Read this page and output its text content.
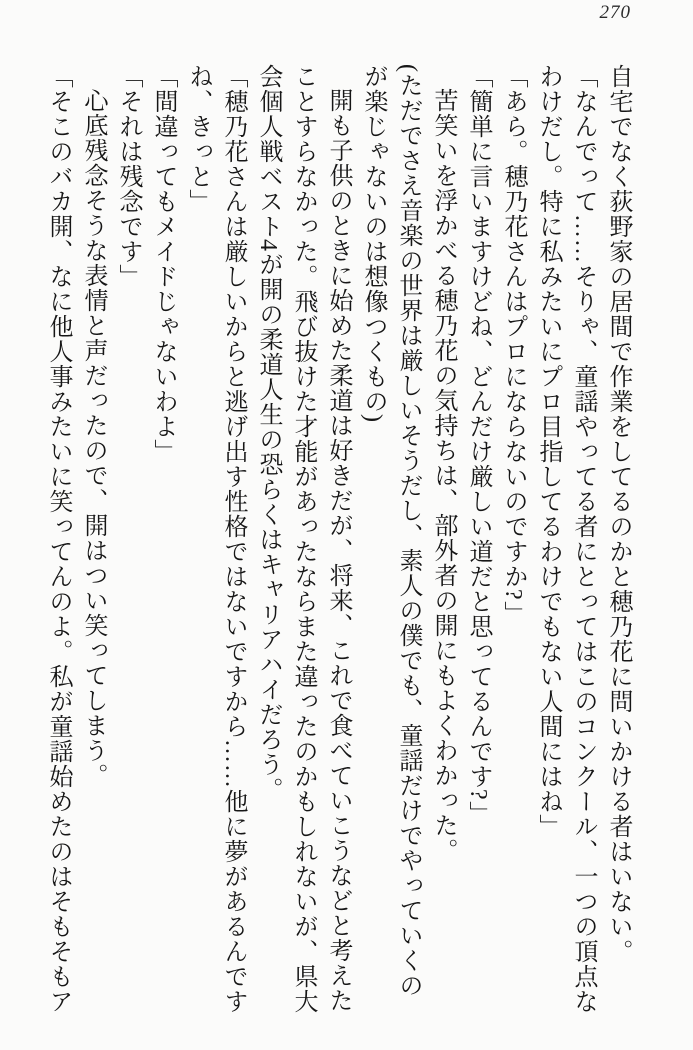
270

自宅でなく荻野家の居間で作業をしてるのかと穂乃花に問いかける者はいない。

「なんでって……そりゃ、童謡やってる者にとってはこのコンクール、一つの頂点なわけだし。特に私みたいにプロ目指してるわけでもない人間にはね」

「あら。穂乃花さんはプロにならないのですか?」

「簡単に言いますけどね、どんだけ厳しい道だと思ってるんです?」

苦笑いを浮かべる穂乃花の気持ちは、部外者の開にもよくわかった。

(ただでさえ音楽の世界は厳しいそうだし、素人の僕でも、童謡だけでやっていくのが楽じゃないのは想像つくもの)

開も子供のときに始めた柔道は好きだが、将来、これで食べていこうなどと考えたことすらなかった。飛び抜けた才能があったならまた違ったのかもしれないが、県大会個人戦ベスト4が開の柔道人生の恐らくはキャリアハイだろう。

「穂乃花さんは厳しいからと逃げ出す性格ではないですから……他に夢があるんですね、きっと」

「間違ってもメイドじゃないわよ」

「それは残念です」

心底残念そうな表情と声だったので、開はつい笑ってしまう。

「そこのバカ開、なに他人事みたいに笑ってんのよ。私が童謡始めたのはそもそもア
